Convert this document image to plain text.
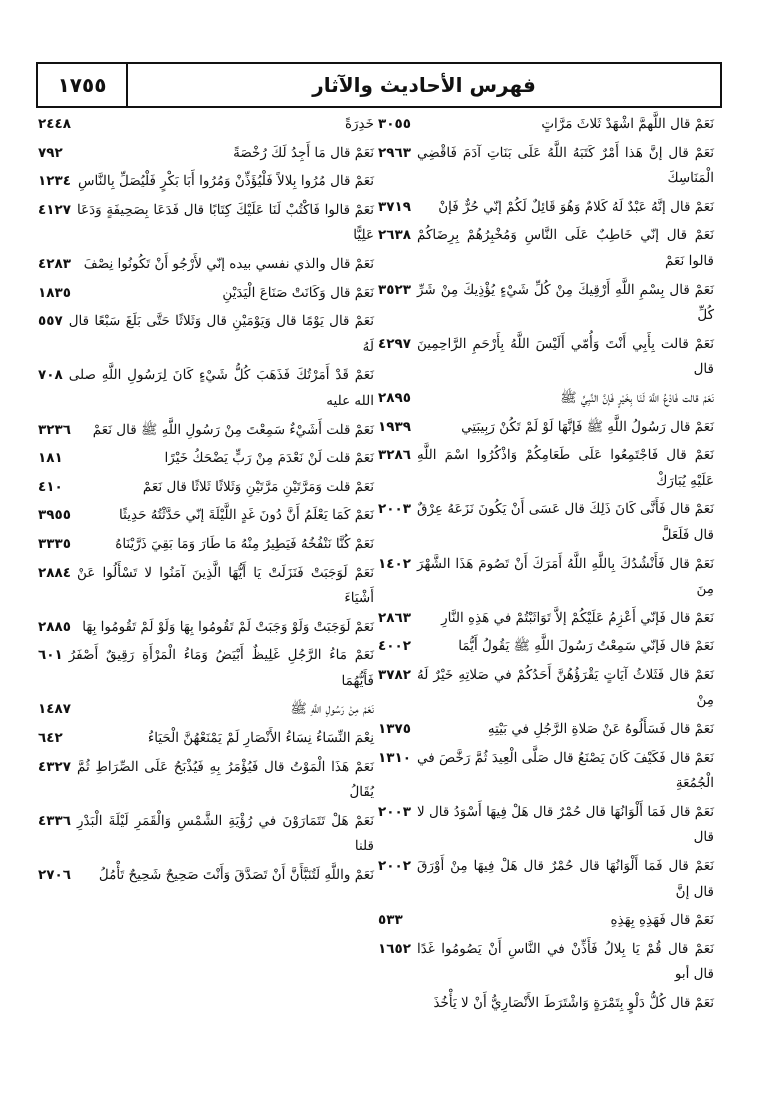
فهرس الأحاديث والآثار
١٧٥٥
٣٠٥٥	نَعَمْ قال اللَّهمَّ اشْهَدْ ثَلاثَ مَرَّاتٍ
٢٩٦٣ نَعَمْ قال إنَّ هَذا أَمْرٌ كَتَبَهُ اللَّهُ عَلَى بَنَاتِ آدَمَ فَاقْضِي الْمَنَاسِكَ
٣٧١٩	نَعَمْ قال إنَّهُ عَبْدٌ لَهُ كَلامٌ وَهُوَ قَائِلٌ لَكُمْ إنّي حُرٌّ فَإنْ
٢٦٣٨ نَعَمْ قال إنّي خَاطِبٌ عَلَى النَّاسِ وَمُخْبِرُهُمْ بِرِضَاكُمْ قالوا نَعَمْ
٣٥٢٣ نَعَمْ قال بِسْمِ اللَّهِ أَرْقِيكَ مِنْ كُلِّ شَيْءٍ يُؤْذِيكَ مِنْ شَرِّ كُلِّ
٤٢٩٧ نَعَمْ قالت بِأَبِي أَنْتَ وَأُمّي أَلَيْسَ اللَّهُ بِأَرْحَمِ الرَّاحِمِينَ قال
٢٨٩٥	نَعَمْ قالت فَادْعُ اللَّهَ لَنَا بِخَيْرٍ فَإنَّ النَّبِيَّ ﷺ
١٩٣٩	نَعَمْ قال رَسُولُ اللَّهِ ﷺ فَإنَّهَا لَوْ لَمْ تَكُنْ رَبِيبَتِي
٣٢٨٦ نَعَمْ قال فَاجْتَمِعُوا عَلَى طَعَامِكُمْ وَاذْكُرُوا اسْمَ اللَّهِ عَلَيْهِ يُبَارَكْ
٢٠٠٣ نَعَمْ قال فَأَنَّى كَانَ ذَلِكَ قال عَسَى أَنْ يَكُونَ نَزَعَهُ عِرْقٌ قال فَلَعَلَّ
١٤٠٢ نَعَمْ قال فَأَنْشُدُكَ بِاللَّهِ اللَّهُ أَمَرَكَ أَنْ تَصُومَ هَذَا الشَّهْرَ مِنَ
٢٨٦٣	نَعَمْ قال فَإنّي أَعْزِمُ عَلَيْكُمْ إلاَّ تَوَاثَبْتُمْ في هَذِهِ النَّارِ
٤٠٠٢	نَعَمْ قال فَإنّي سَمِعْتُ رَسُولَ اللَّهِ ﷺ يَقُولُ أَيُّمَا
٣٧٨٢ نَعَمْ قال فَثَلاثُ آيَاتٍ يَقْرَؤُهُنَّ أَحَدُكُمْ في صَلاتِهِ خَيْرٌ لَهُ مِنْ
١٣٧٥	نَعَمْ قال فَسَأَلُوهُ عَنْ صَلاةِ الرَّجُلِ في بَيْتِهِ
١٣١٠ نَعَمْ قال فَكَيْفَ كَانَ يَصْنَعُ قال صَلَّى الْعِيدَ ثُمَّ رَخَّصَ في الْجُمُعَةِ
٢٠٠٣ نَعَمْ قال فَمَا أَلْوَانُهَا قال حُمْرٌ قال هَلْ فِيهَا أَسْوَدُ قال لا قال
٢٠٠٢ نَعَمْ قال فَمَا أَلْوَانُهَا قال حُمْرٌ قال هَلْ فِيهَا مِنْ أَوْرَقَ قال إنَّ
٥٣٣	نَعَمْ قال فَهَذِهِ بِهَذِهِ
١٦٥٢ نَعَمْ قال قُمْ يَا بِلالُ فَأَذِّنْ في النَّاسِ أَنْ يَصُومُوا غَدًا قال أبو
نَعَمْ قال كُلُّ دَلْوٍ بِتَمْرَةٍ وَاشْتَرَطَ الأَنْصَارِيُّ أَنْ لا يَأْخُذَ
٢٤٤٨	خَدِرَةً
٧٩٢	نَعَمْ قال مَا أَجِدُ لَكَ رُخْصَةً
١٢٣٤ نَعَمْ قال مُرُوا بِلالاً فَلْيُؤَذِّنْ وَمُرُوا أَبَا بَكْرٍ فَلْيُصَلِّ بِالنَّاسِ
٤١٢٧ نَعَمْ قالوا فَاكْتُبْ لَنَا عَلَيْكَ كِتَابًا قال فَدَعَا بِصَحِيفَةٍ وَدَعَا عَلِيًّا
٤٢٨٣ نَعَمْ قال والذي نفسي بيده إنّي لأَرْجُو أَنْ تَكُونُوا نِصْفَ
١٨٣٥	نَعَمْ قال وَكَانَتْ صَنَاعَ الْيَدَيْنِ
٥٥٧ نَعَمْ قال يَوْمًا قال وَيَوْمَيْنِ قال وَثَلاثًا حَتَّى بَلَغَ سَبْعًا قال لَهُ
٧٠٨ نَعَمْ قَدْ أَمَرْتُكَ فَذَهَبَ كُلُّ شَيْءٍ كَانَ لِرَسُولِ اللَّهِ صلى الله عليه
٣٢٣٦	نَعَمْ قلت أَشَيْءٌ سَمِعْتَ مِنْ رَسُولِ اللَّهِ ﷺ قال نَعَمْ
١٨١	نَعَمْ قلت لَنْ نَعْدَمَ مِنْ رَبٍّ يَضْحَكُ خَيْرًا
٤١٠	نَعَمْ قلت وَمَرَّتَيْنِ مَرَّتَيْنِ وَثَلاثًا ثَلاثًا قال نَعَمْ
٣٩٥٥	نَعَمْ كَمَا يَعْلَمُ أَنَّ دُونَ غَدٍ اللَّيْلَةَ إنّي حَدَّثْتُهُ حَدِيثًا
٣٣٣٥	نَعَمْ كُنَّا نَنْفُخُهُ فَيَطِيرُ مِنْهُ مَا طَارَ وَمَا بَقِيَ ذَرَّيْنَاهُ
٢٨٨٤ نَعَمْ لَوَجَبَتْ فَنَزَلَتْ يَا أَيُّهَا الَّذِينَ آمَنُوا لا تَسْأَلُوا عَنْ أَشْيَاءَ
٢٨٨٥ نَعَمْ لَوَجَبَتْ وَلَوْ وَجَبَتْ لَمْ تَقُومُوا بِهَا وَلَوْ لَمْ تَقُومُوا بِهَا
٦٠١ نَعَمْ مَاءُ الرَّجُلِ غَلِيظٌ أَبْيَضُ وَمَاءُ الْمَرْأَةِ رَقِيقٌ أَصْفَرُ فَأَيُّهُمَا
١٤٨٧	نَعَمْ مِنْ رَسُولِ اللَّهِ ﷺ
٦٤٢	نِعْمَ النِّسَاءُ نِسَاءُ الأَنْصَارِ لَمْ يَمْنَعْهُنَّ الْحَيَاءُ
٤٣٢٧ نَعَمْ هَذَا الْمَوْتُ قال فَيُؤْمَرُ بِهِ فَيُذْبَحُ عَلَى الصِّرَاطِ ثُمَّ يُقَالُ
٤٣٣٦ نَعَمْ هَلْ تَتَمَارَوْنَ في رُؤْيَةِ الشَّمْسِ وَالْقَمَرِ لَيْلَةَ الْبَدْرِ قلنا
٢٧٠٦	نَعَمْ واللَّهِ لَتُنَبَّأَنَّ أَنْ تَصَدَّقَ وَأَنْتَ صَحِيحٌ شَحِيحٌ تَأْمُلُ
